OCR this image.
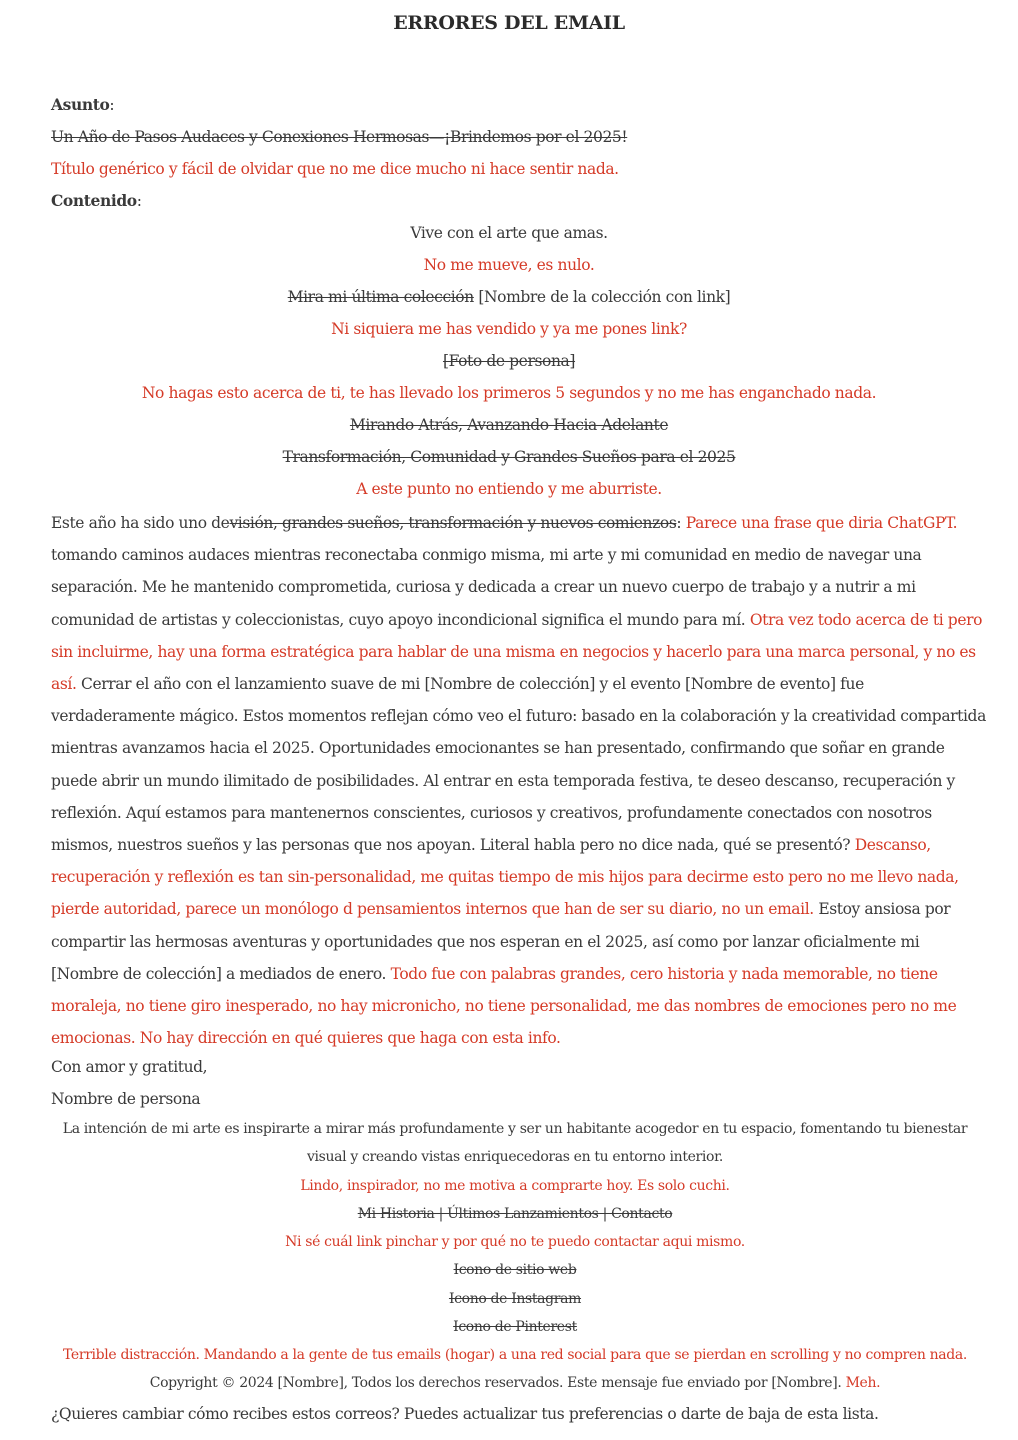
ERRORES DEL EMAIL
Asunto:
Un Año de Pasos Audaces y Conexiones Hermosas—¡Brindemos por el 2025!
Título genérico y fácil de olvidar que no me dice mucho ni hace sentir nada.
Contenido:
Vive con el arte que amas.
No me mueve, es nulo.
Mira mi última colección [Nombre de la colección con link]
Ni siquiera me has vendido y ya me pones link?
[Foto de persona]
No hagas esto acerca de ti, te has llevado los primeros 5 segundos y no me has enganchado nada.
Mirando Atrás, Avanzando Hacia Adelante
Transformación, Comunidad y Grandes Sueños para el 2025
A este punto no entiendo y me aburriste.
Este año ha sido uno devisión, grandes sueños, transformación y nuevos comienzos: Parece una frase que diria ChatGPT. tomando caminos audaces mientras reconectaba conmigo misma, mi arte y mi comunidad en medio de navegar una separación. Me he mantenido comprometida, curiosa y dedicada a crear un nuevo cuerpo de trabajo y a nutrir a mi comunidad de artistas y coleccionistas, cuyo apoyo incondicional significa el mundo para mí. Otra vez todo acerca de ti pero sin incluirme, hay una forma estratégica para hablar de una misma en negocios y hacerlo para una marca personal, y no es así. Cerrar el año con el lanzamiento suave de mi [Nombre de colección] y el evento [Nombre de evento] fue verdaderamente mágico. Estos momentos reflejan cómo veo el futuro: basado en la colaboración y la creatividad compartida mientras avanzamos hacia el 2025. Oportunidades emocionantes se han presentado, confirmando que soñar en grande puede abrir un mundo ilimitado de posibilidades. Al entrar en esta temporada festiva, te deseo descanso, recuperación y reflexión. Aquí estamos para mantenernos conscientes, curiosos y creativos, profundamente conectados con nosotros mismos, nuestros sueños y las personas que nos apoyan. Literal habla pero no dice nada, qué se presentó? Descanso, recuperación y reflexión es tan sin-personalidad, me quitas tiempo de mis hijos para decirme esto pero no me llevo nada, pierde autoridad, parece un monólogo d pensamientos internos que han de ser su diario, no un email. Estoy ansiosa por compartir las hermosas aventuras y oportunidades que nos esperan en el 2025, así como por lanzar oficialmente mi [Nombre de colección] a mediados de enero. Todo fue con palabras grandes, cero historia y nada memorable, no tiene moraleja, no tiene giro inesperado, no hay micronicho, no tiene personalidad, me das nombres de emociones pero no me emocionas. No hay dirección en qué quieres que haga con esta info.
Con amor y gratitud,
Nombre de persona
La intención de mi arte es inspirarte a mirar más profundamente y ser un habitante acogedor en tu espacio, fomentando tu bienestar visual y creando vistas enriquecedoras en tu entorno interior.
Lindo, inspirador, no me motiva a comprarte hoy. Es solo cuchi.
Mi Historia | Últimos Lanzamientos | Contacto
Ni sé cuál link pinchar y por qué no te puedo contactar aqui mismo.
Icono de sitio web
Icono de Instagram
Icono de Pinterest
Terrible distracción. Mandando a la gente de tus emails (hogar) a una red social para que se pierdan en scrolling y no compren nada.
Copyright © 2024 [Nombre], Todos los derechos reservados. Este mensaje fue enviado por [Nombre]. Meh.
¿Quieres cambiar cómo recibes estos correos? Puedes actualizar tus preferencias o darte de baja de esta lista.
